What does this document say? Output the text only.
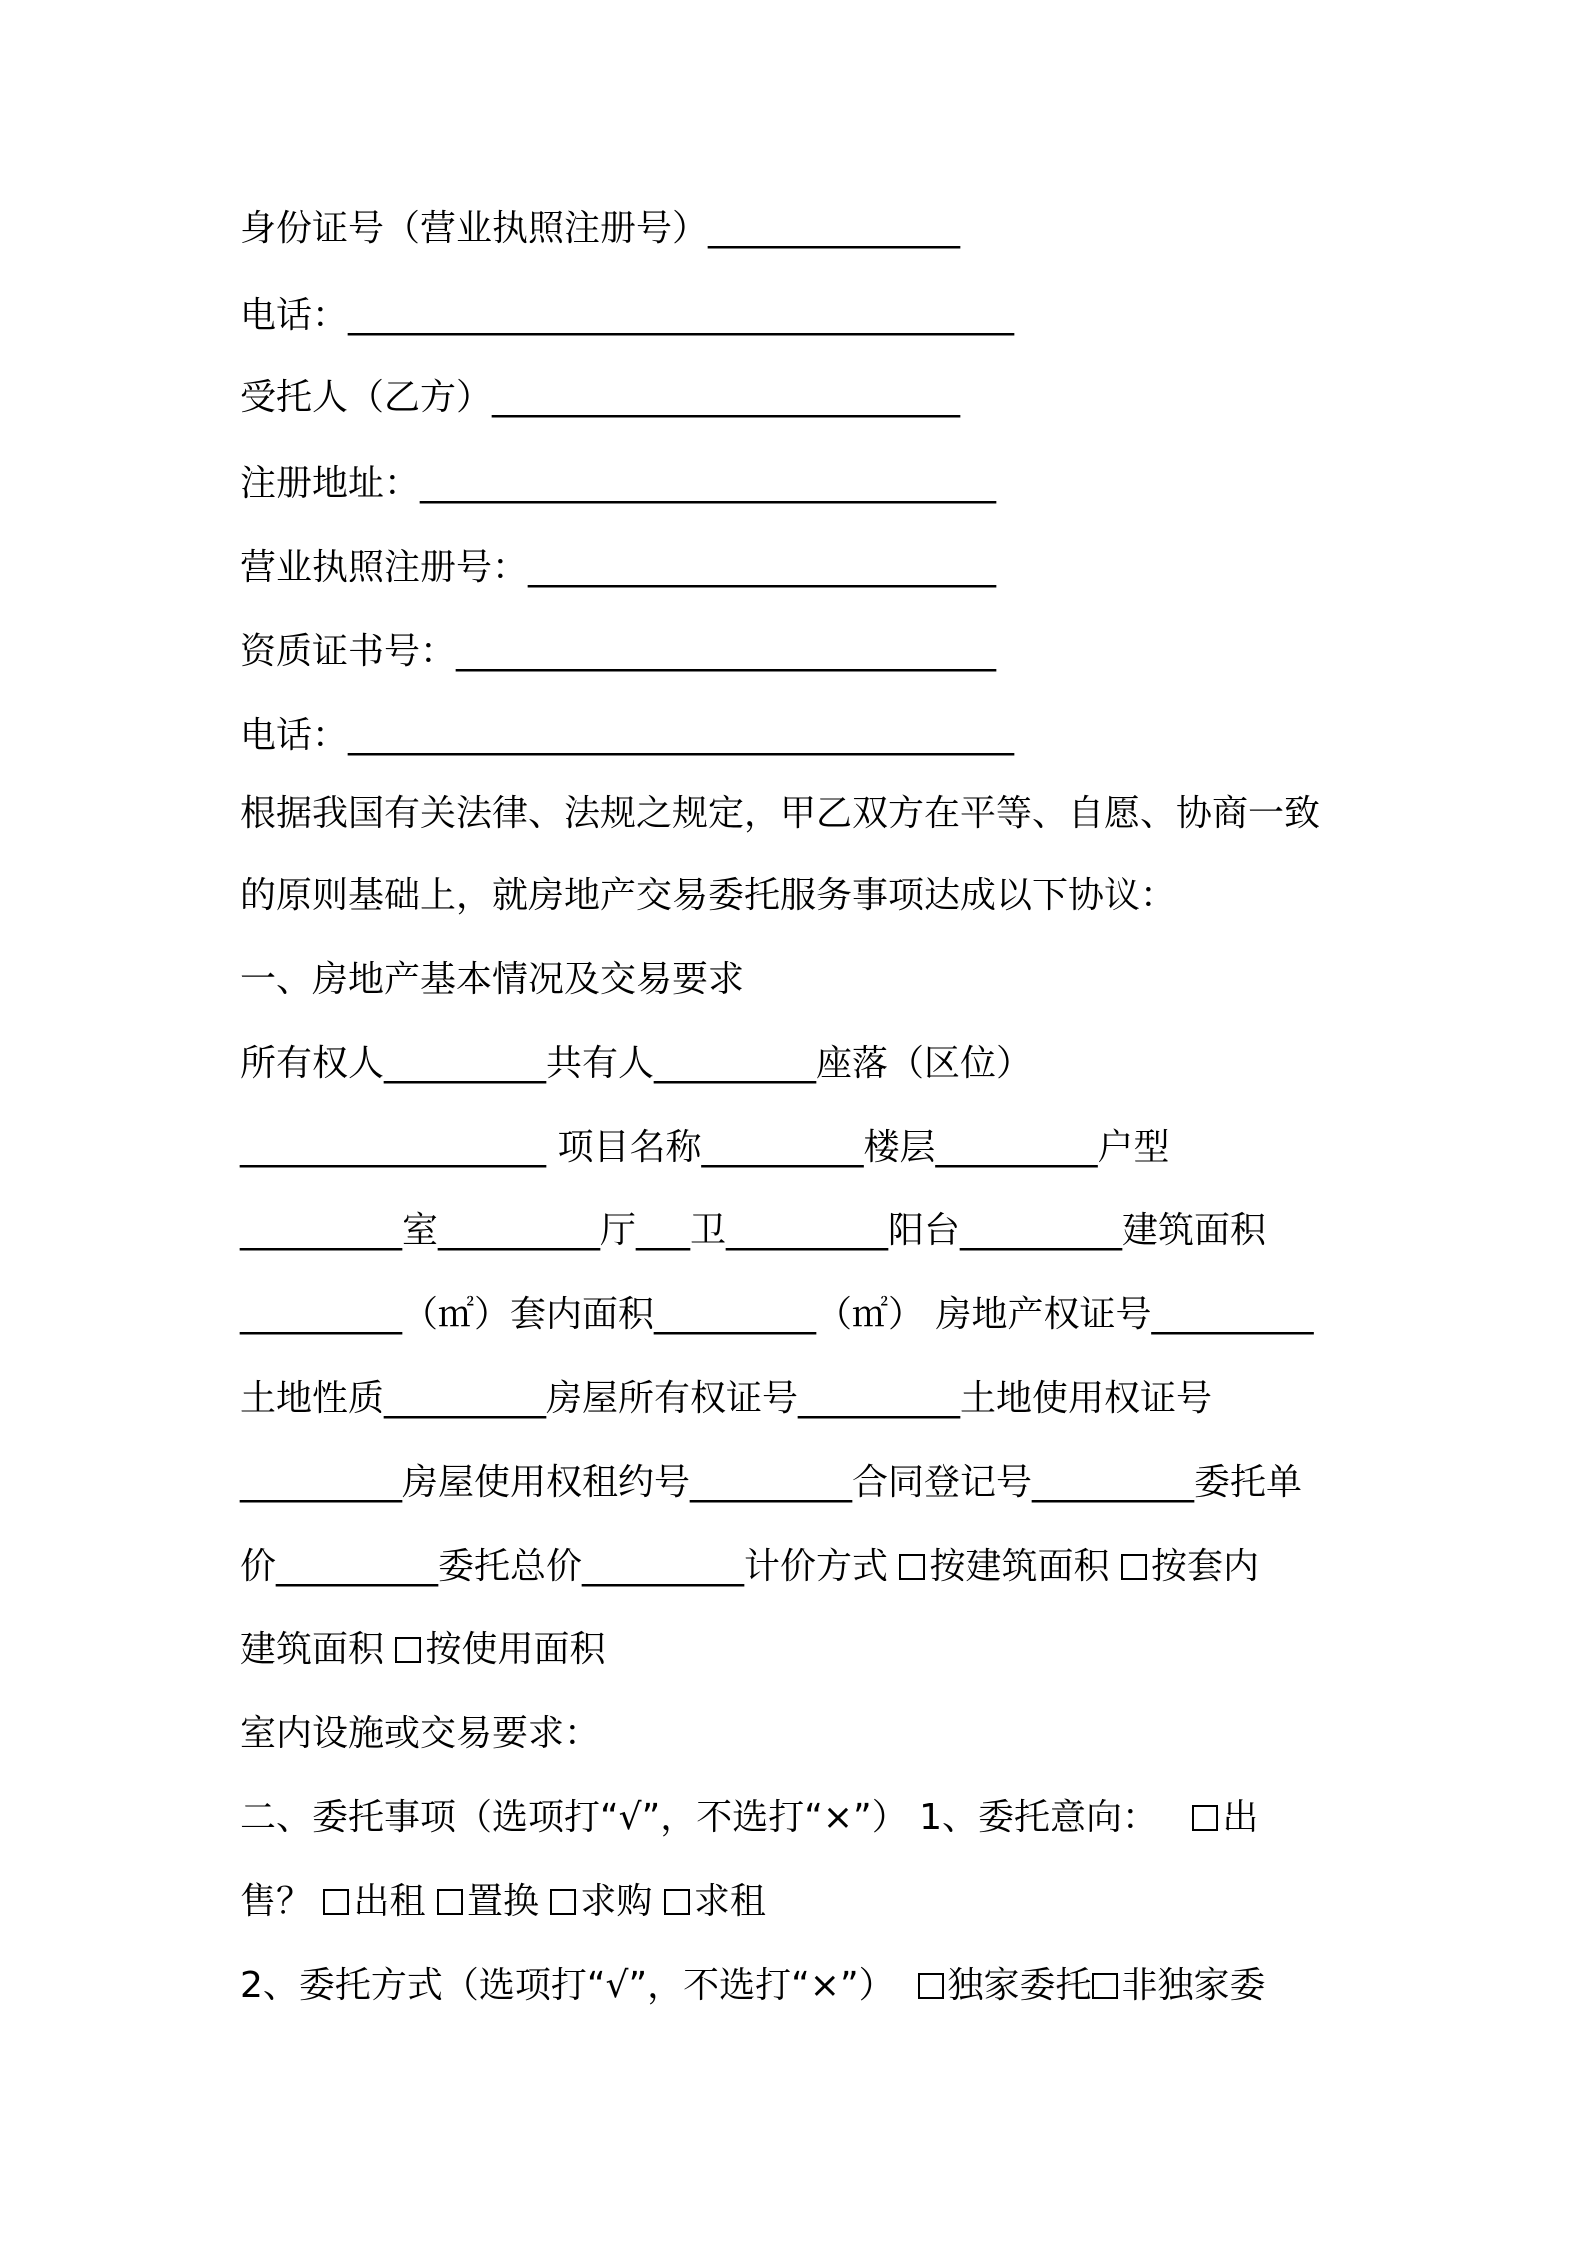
身份证号（营业执照注册号）______________
电话：_____________________________________
受托人（乙方）__________________________
注册地址：________________________________
营业执照注册号：__________________________
资质证书号：______________________________
电话：_____________________________________
根据我国有关法律、法规之规定，甲乙双方在平等、自愿、协商一致
的原则基础上，就房地产交易委托服务事项达成以下协议：
一、房地产基本情况及交易要求
所有权人_________共有人_________座落（区位）
_________________ 项目名称_________楼层_________户型
_________室_________厅___卫_________阳台_________建筑面积
_________（㎡）套内面积_________（㎡） 房地产权证号_________
土地性质_________房屋所有权证号_________土地使用权证号
_________房屋使用权租约号_________合同登记号_________委托单
价_________委托总价_________计价方式 按建筑面积 按套内
建筑面积 按使用面积
室内设施或交易要求：
二、委托事项（选项打“√”，不选打“×”） 1、委托意向： 出
售？ 出租 置换 求购 求租
2、委托方式（选项打“√”，不选打“×”） 独家委托 非独家委
